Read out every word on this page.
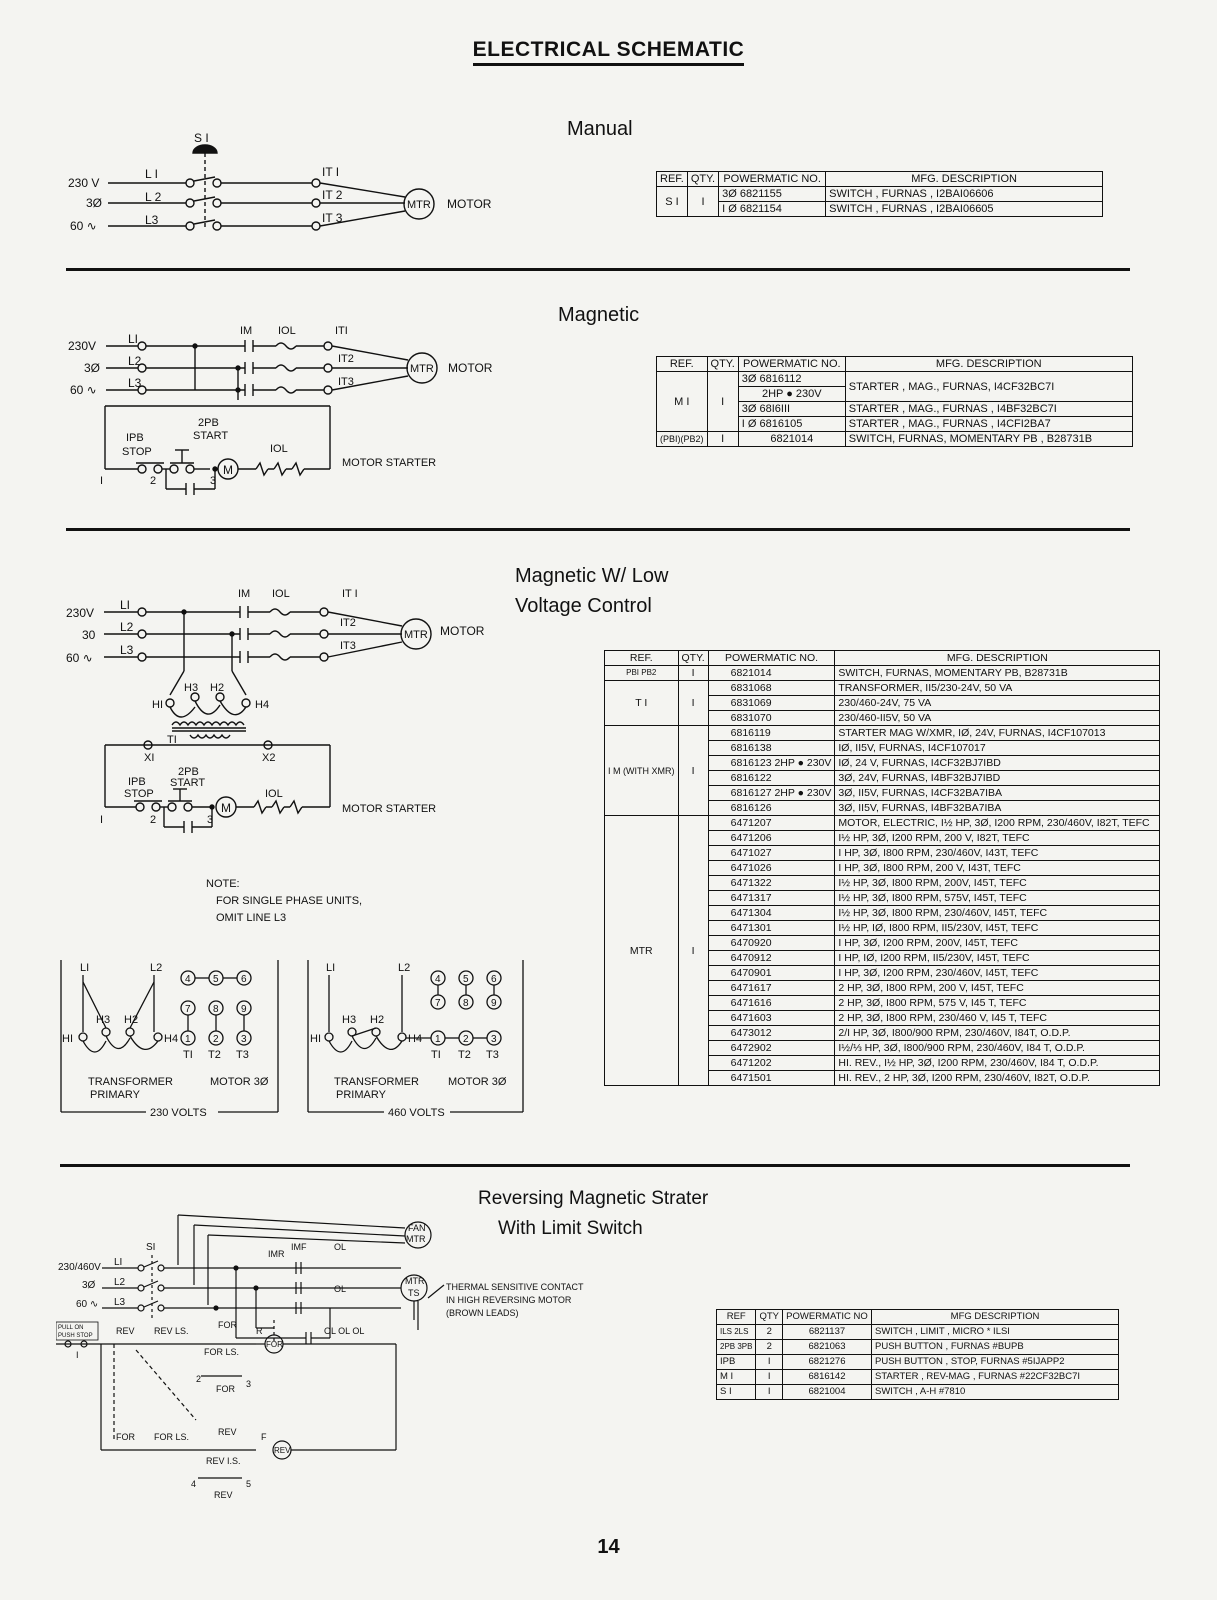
ELECTRICAL SCHEMATIC
Manual
S I
230 V
3Ø
60 ∿
L I
L 2
L3
IT I
IT 2
IT 3
MTR MOTOR
REF.	QTY.	POWERMATIC NO.	MFG. DESCRIPTION
S I	I	3Ø 6821155	SWITCH , FURNAS , I2BAI06606
		I Ø 6821154	SWITCH , FURNAS , I2BAI06605
Magnetic
230V
3Ø
60 ∿
LI
L2
L3
IM IOL	ITI
IT2
IT3
MTR MOTOR
2PB
IPB	START
STOP	IOL
M
I	2	3
MOTOR STARTER
REF.	QTY.	POWERMATIC NO.	MFG. DESCRIPTION
M I	I	3Ø 6816112	STARTER , MAG., FURNAS, I4CF32BC7I
		2HP ● 230V	
		3Ø 68I6III	STARTER , MAG., FURNAS , I4BF32BC7I
		I Ø 6816105	STARTER , MAG., FURNAS , I4CFI2BA7
(PBI)(PB2)	I	6821014	SWITCH, FURNAS, MOMENTARY PB , B28731B
Magnetic W/ Low
Voltage Control
230V
30
60 ∿
LI
L2
L3
IM IOL	IT I
IT2
IT3
MTR MOTOR
H3 H2
HI	H4
TI
XI	X2
2PB
IPB START
STOP	IOL
M
I	2	3
MOTOR STARTER
NOTE:
FOR SINGLE PHASE UNITS,
OMIT LINE L3
230 VOLTS
LI	L2
H3 H2
HI	H4
TRANSFORMER
PRIMARY
4 5 6
7 8 9
1 2 3
TI T2 T3
MOTOR 3Ø
460 VOLTS
LI	L2
H3 H2
HI	H4
TRANSFORMER
PRIMARY
4 5 6
7 8 9
1 2 3
TI T2 T3
MOTOR 3Ø
REF.	QTY.	POWERMATIC NO.	MFG. DESCRIPTION
PBI PB2	I	6821014	SWITCH, FURNAS, MOMENTARY PB, B28731B
T I	I	6831068	TRANSFORMER, II5/230-24V, 50 VA
		6831069	230/460-24V, 75 VA
		6831070	230/460-II5V, 50 VA
I M (WITH XMR)	I	6816119	STARTER MAG W/XMR, IØ, 24V, FURNAS, I4CF107013
		6816138	IØ, II5V, FURNAS, I4CF107017
		6816123 2HP ● 230V	IØ, 24 V, FURNAS, I4CF32BJ7IBD
		6816122	3Ø, 24V, FURNAS, I4BF32BJ7IBD
		6816127 2HP ● 230V	3Ø, II5V, FURNAS, I4CF32BA7IBA
		6816126	3Ø, II5V, FURNAS, I4BF32BA7IBA
MTR	I	6471207	MOTOR, ELECTRIC, I½ HP, 3Ø, I200 RPM, 230/460V, I82T, TEFC
		6471206	I½ HP, 3Ø, I200 RPM, 200 V, I82T, TEFC
		6471027	I HP, 3Ø, I800 RPM, 230/460V, I43T, TEFC
		6471026	I HP, 3Ø, I800 RPM, 200 V, I43T, TEFC
		6471322	I½ HP, 3Ø, I800 RPM, 200V, I45T, TEFC
		6471317	I½ HP, 3Ø, I800 RPM, 575V, I45T, TEFC
		6471304	I½ HP, 3Ø, I800 RPM, 230/460V, I45T, TEFC
		6471301	I½ HP, IØ, I800 RPM, II5/230V, I45T, TEFC
		6470920	I HP, 3Ø, I200 RPM, 200V, I45T, TEFC
		6470912	I HP, IØ, I200 RPM, II5/230V, I45T, TEFC
		6470901	I HP, 3Ø, I200 RPM, 230/460V, I45T, TEFC
		6471617	2 HP, 3Ø, I800 RPM, 200 V, I45T, TEFC
		6471616	2 HP, 3Ø, I800 RPM, 575 V, I45 T, TEFC
		6471603	2 HP, 3Ø, I800 RPM, 230/460 V, I45 T, TEFC
		6473012	2/I HP, 3Ø, I800/900 RPM, 230/460V, I84T, O.D.P.
		6472902	I½/⅓ HP, 3Ø, I800/900 RPM, 230/460V, I84 T, O.D.P.
		6471202	HI. REV., I½ HP, 3Ø, I200 RPM, 230/460V, I84 T, O.D.P.
		6471501	HI. REV., 2 HP, 3Ø, I200 RPM, 230/460V, I82T, O.D.P.
Reversing Magnetic Strater
With Limit Switch
FAN
MTR
SI
230/460V
3Ø
60 ∿
LI
L2
L3
IMR
IMF	OL
OL
MTR
TS
THERMAL SENSITIVE CONTACT
IN HIGH REVERSING MOTOR
(BROWN LEADS)
PULL ON
PUSH STOP	REV REV LS.
FOR
R
FOR
OL OL OL
FOR LS.
2	3
FOR
REV
FOR FOR LS.	F
REV
REV I.S.
4	5
REV
I
REF	QTY	POWERMATIC NO	MFG DESCRIPTION
ILS 2LS	2	6821137	SWITCH , LIMIT , MICRO * ILSI
2PB 3PB	2	6821063	PUSH BUTTON , FURNAS #BUPB
IPB	I	6821276	PUSH BUTTON , STOP, FURNAS #5IJAPP2
M I	I	6816142	STARTER , REV-MAG , FURNAS #22CF32BC7I
S I	I	6821004	SWITCH , A-H #7810
14
